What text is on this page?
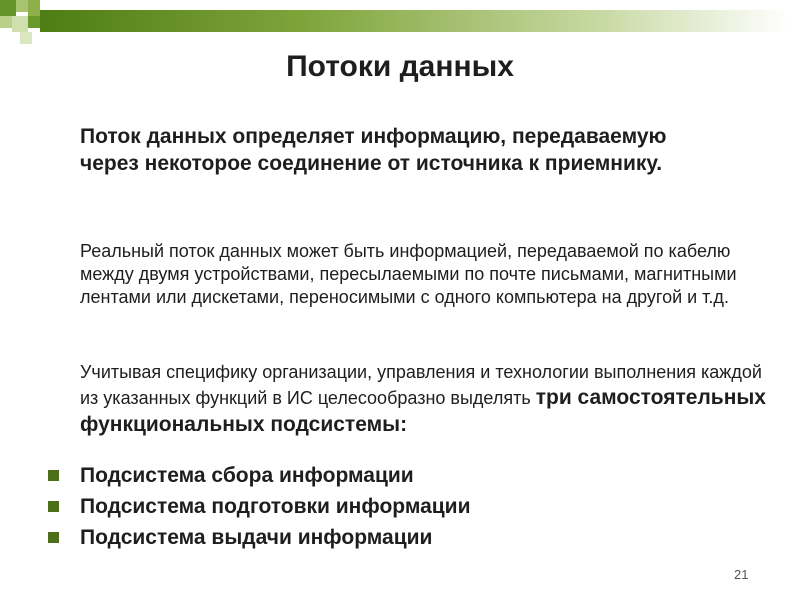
Потоки данных
Поток данных определяет информацию, передаваемую через некоторое соединение от источника к приемнику.
Реальный поток данных может быть информацией, передаваемой по кабелю между двумя устройствами, пересылаемыми по почте письмами, магнитными лентами или дискетами, переносимыми с одного компьютера на другой и т.д.
Учитывая специфику организации, управления и технологии выполнения каждой из указанных функций в ИС целесообразно выделять три самостоятельных функциональных подсистемы:
Подсистема сбора информации
Подсистема подготовки информации
Подсистема выдачи информации
21
